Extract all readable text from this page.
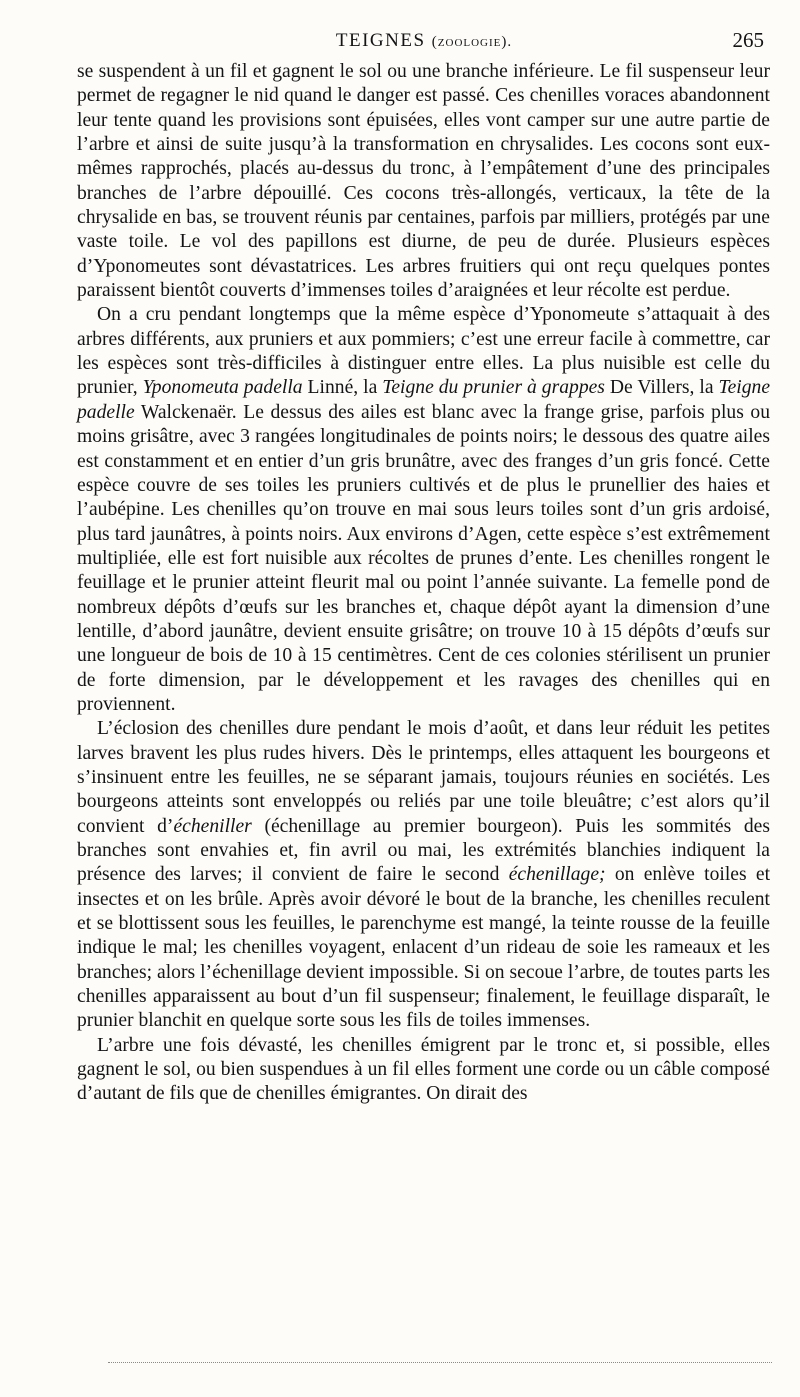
TEIGNES (zoologie).	265

se suspendent à un fil et gagnent le sol ou une branche inférieure. Le fil suspenseur leur permet de regagner le nid quand le danger est passé. Ces chenilles voraces abandonnent leur tente quand les provisions sont épuisées, elles vont camper sur une autre partie de l’arbre et ainsi de suite jusqu’à la transformation en chrysalides. Les cocons sont eux-mêmes rapprochés, placés au-dessus du tronc, à l’empâtement d’une des principales branches de l’arbre dépouillé. Ces cocons très-allongés, verticaux, la tête de la chrysalide en bas, se trouvent réunis par centaines, parfois par milliers, protégés par une vaste toile. Le vol des papillons est diurne, de peu de durée. Plusieurs espèces d’Yponomeutes sont dévastatrices. Les arbres fruitiers qui ont reçu quelques pontes paraissent bientôt couverts d’immenses toiles d’araignées et leur récolte est perdue.

On a cru pendant longtemps que la même espèce d’Yponomeute s’attaquait à des arbres différents, aux pruniers et aux pommiers; c’est une erreur facile à commettre, car les espèces sont très-difficiles à distinguer entre elles. La plus nuisible est celle du prunier, Yponomeuta padella Linné, la Teigne du prunier à grappes De Villers, la Teigne padelle Walckenaër. Le dessus des ailes est blanc avec la frange grise, parfois plus ou moins grisâtre, avec 3 rangées longitudinales de points noirs; le dessous des quatre ailes est constamment et en entier d’un gris brunâtre, avec des franges d’un gris foncé. Cette espèce couvre de ses toiles les pruniers cultivés et de plus le prunellier des haies et l’aubépine. Les chenilles qu’on trouve en mai sous leurs toiles sont d’un gris ardoisé, plus tard jaunâtres, à points noirs. Aux environs d’Agen, cette espèce s’est extrêmement multipliée, elle est fort nuisible aux récoltes de prunes d’ente. Les chenilles rongent le feuillage et le prunier atteint fleurit mal ou point l’année suivante. La femelle pond de nombreux dépôts d’œufs sur les branches et, chaque dépôt ayant la dimension d’une lentille, d’abord jaunâtre, devient ensuite grisâtre; on trouve 10 à 15 dépôts d’œufs sur une longueur de bois de 10 à 15 centimètres. Cent de ces colonies stérilisent un prunier de forte dimension, par le développement et les ravages des chenilles qui en proviennent.

L’éclosion des chenilles dure pendant le mois d’août, et dans leur réduit les petites larves bravent les plus rudes hivers. Dès le printemps, elles attaquent les bourgeons et s’insinuent entre les feuilles, ne se séparant jamais, toujours réunies en sociétés. Les bourgeons atteints sont enveloppés ou reliés par une toile bleuâtre; c’est alors qu’il convient d’écheniller (échenillage au premier bourgeon). Puis les sommités des branches sont envahies et, fin avril ou mai, les extrémités blanchies indiquent la présence des larves; il convient de faire le second échenillage; on enlève toiles et insectes et on les brûle. Après avoir dévoré le bout de la branche, les chenilles reculent et se blottissent sous les feuilles, le parenchyme est mangé, la teinte rousse de la feuille indique le mal; les chenilles voyagent, enlacent d’un rideau de soie les rameaux et les branches; alors l’échenillage devient impossible. Si on secoue l’arbre, de toutes parts les chenilles apparaissent au bout d’un fil suspenseur; finalement, le feuillage disparaît, le prunier blanchit en quelque sorte sous les fils de toiles immenses.

L’arbre une fois dévasté, les chenilles émigrent par le tronc et, si possible, elles gagnent le sol, ou bien suspendues à un fil elles forment une corde ou un câble composé d’autant de fils que de chenilles émigrantes. On dirait des
